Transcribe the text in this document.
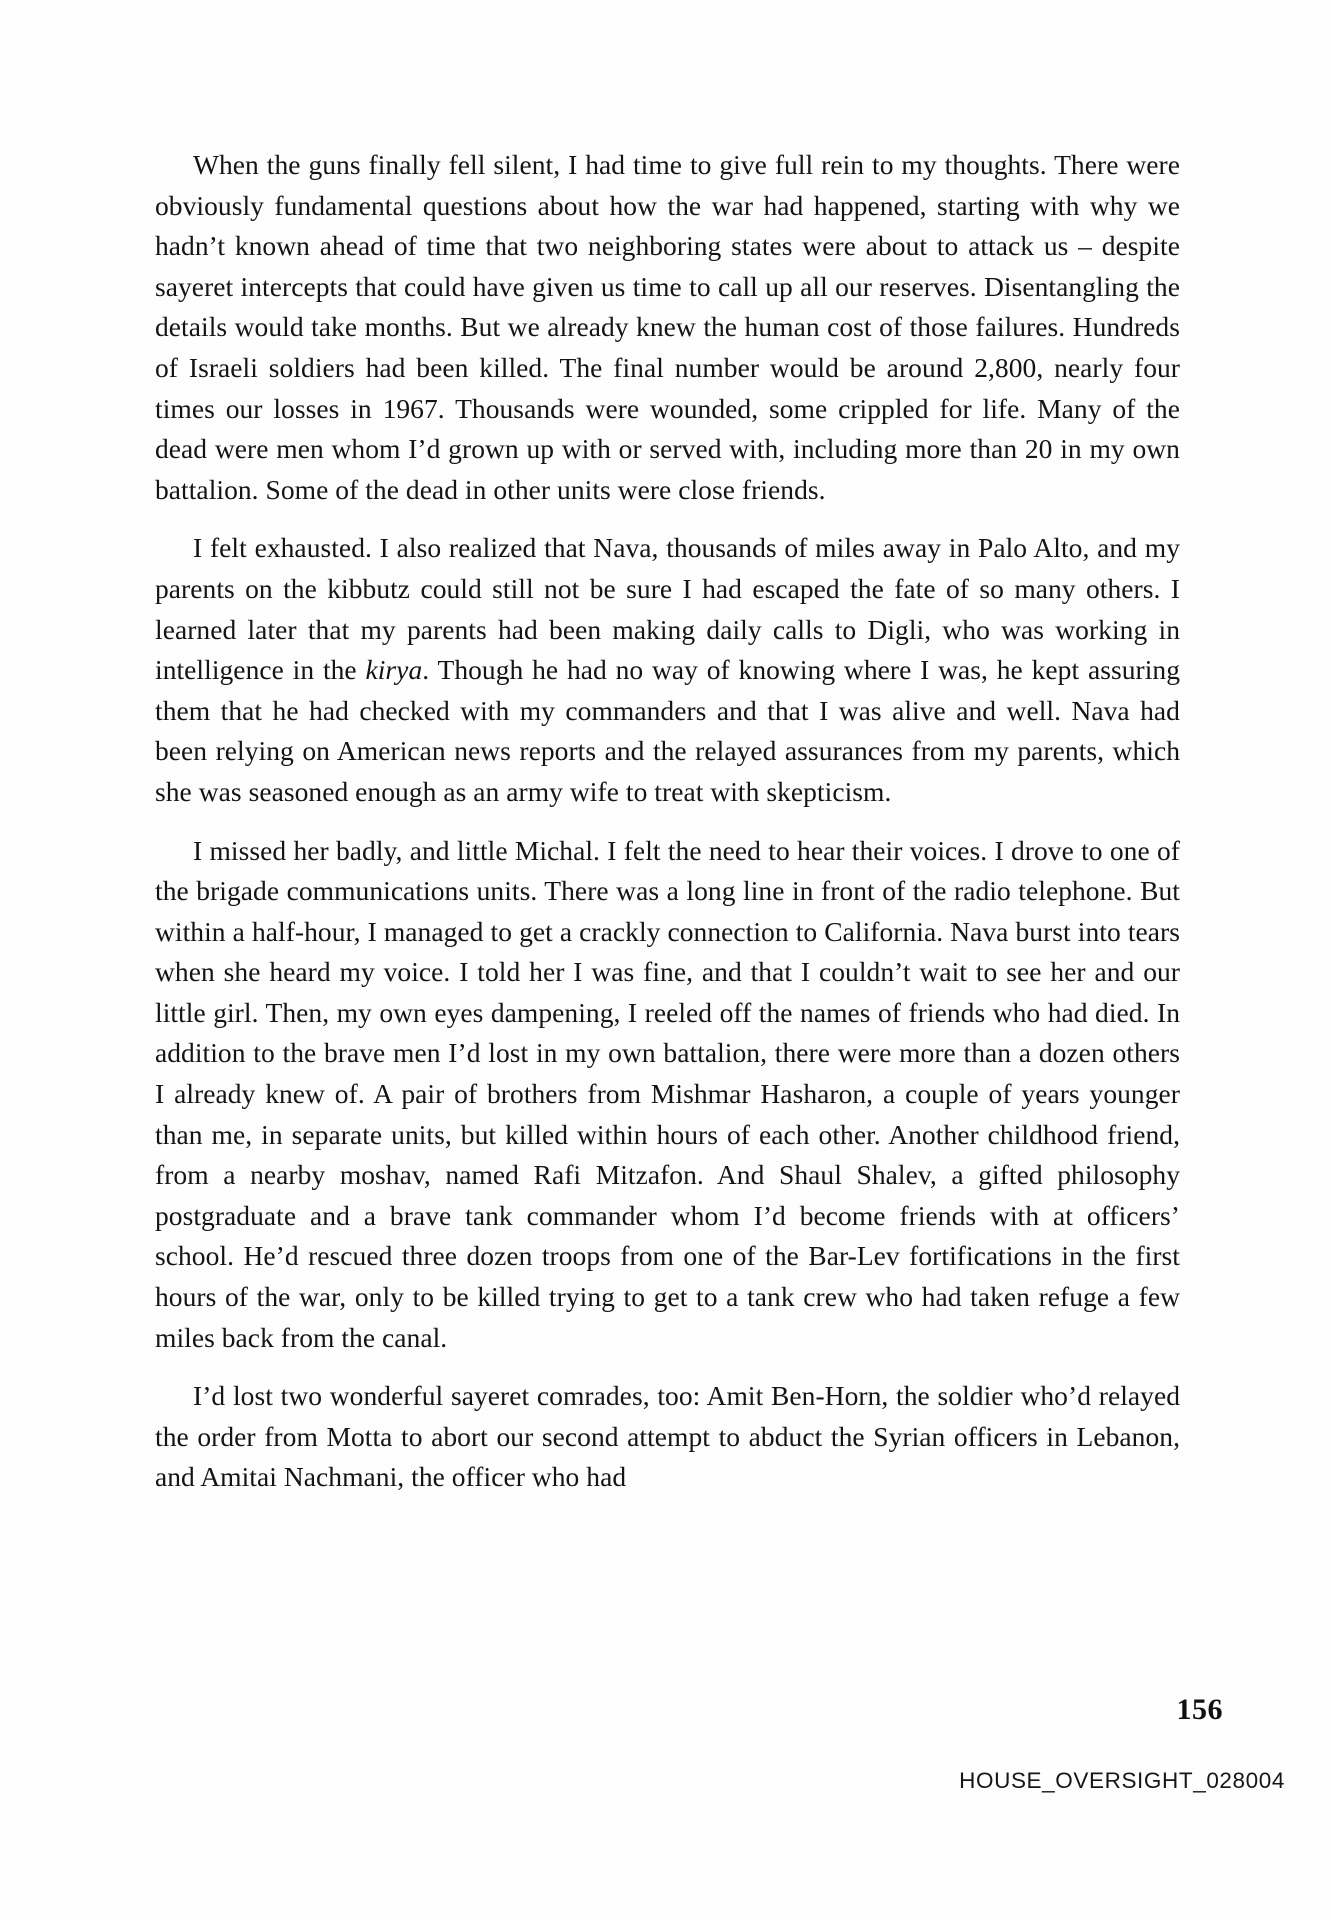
When the guns finally fell silent, I had time to give full rein to my thoughts. There were obviously fundamental questions about how the war had happened, starting with why we hadn’t known ahead of time that two neighboring states were about to attack us – despite sayeret intercepts that could have given us time to call up all our reserves. Disentangling the details would take months. But we already knew the human cost of those failures. Hundreds of Israeli soldiers had been killed. The final number would be around 2,800, nearly four times our losses in 1967. Thousands were wounded, some crippled for life. Many of the dead were men whom I’d grown up with or served with, including more than 20 in my own battalion. Some of the dead in other units were close friends.

I felt exhausted. I also realized that Nava, thousands of miles away in Palo Alto, and my parents on the kibbutz could still not be sure I had escaped the fate of so many others. I learned later that my parents had been making daily calls to Digli, who was working in intelligence in the kirya. Though he had no way of knowing where I was, he kept assuring them that he had checked with my commanders and that I was alive and well. Nava had been relying on American news reports and the relayed assurances from my parents, which she was seasoned enough as an army wife to treat with skepticism.

I missed her badly, and little Michal. I felt the need to hear their voices. I drove to one of the brigade communications units. There was a long line in front of the radio telephone. But within a half-hour, I managed to get a crackly connection to California. Nava burst into tears when she heard my voice. I told her I was fine, and that I couldn’t wait to see her and our little girl. Then, my own eyes dampening, I reeled off the names of friends who had died. In addition to the brave men I’d lost in my own battalion, there were more than a dozen others I already knew of. A pair of brothers from Mishmar Hasharon, a couple of years younger than me, in separate units, but killed within hours of each other. Another childhood friend, from a nearby moshav, named Rafi Mitzafon. And Shaul Shalev, a gifted philosophy postgraduate and a brave tank commander whom I’d become friends with at officers’ school. He’d rescued three dozen troops from one of the Bar-Lev fortifications in the first hours of the war, only to be killed trying to get to a tank crew who had taken refuge a few miles back from the canal.

I’d lost two wonderful sayeret comrades, too: Amit Ben-Horn, the soldier who’d relayed the order from Motta to abort our second attempt to abduct the Syrian officers in Lebanon, and Amitai Nachmani, the officer who had

156
HOUSE_OVERSIGHT_028004
